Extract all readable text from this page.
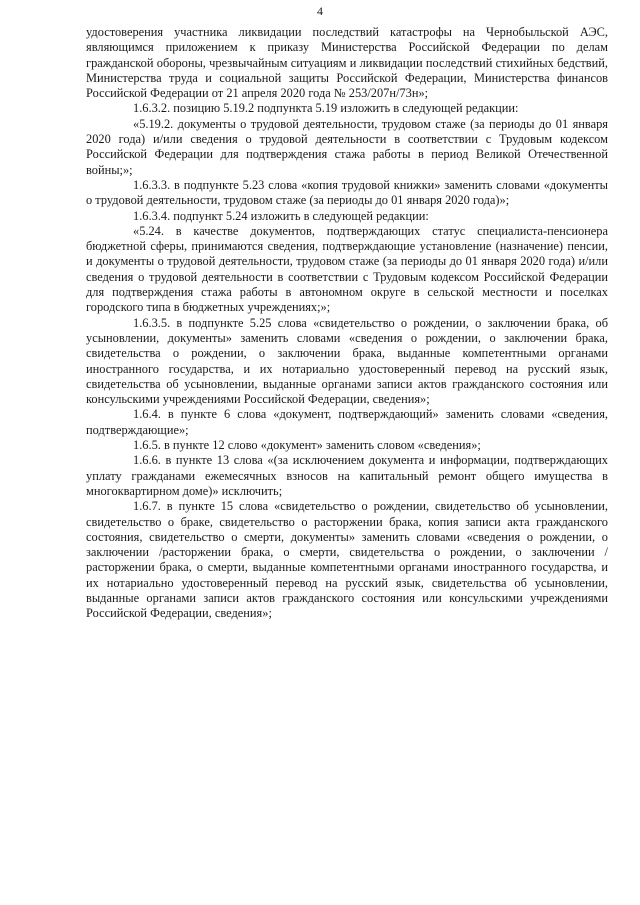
4

удостоверения участника ликвидации последствий катастрофы на Чернобыльской АЭС, являющимся приложением к приказу Министерства Российской Федерации по делам гражданской обороны, чрезвычайным ситуациям и ликвидации последствий стихийных бедствий, Министерства труда и социальной защиты Российской Федерации, Министерства финансов Российской Федерации от 21 апреля 2020 года № 253/207н/73н»;

1.6.3.2. позицию 5.19.2 подпункта 5.19 изложить в следующей редакции:

«5.19.2. документы о трудовой деятельности, трудовом стаже (за периоды до 01 января 2020 года) и/или сведения о трудовой деятельности в соответствии с Трудовым кодексом Российской Федерации для подтверждения стажа работы в период Великой Отечественной войны;»;

1.6.3.3. в подпункте 5.23 слова «копия трудовой книжки» заменить словами «документы о трудовой деятельности, трудовом стаже (за периоды до 01 января 2020 года)»;

1.6.3.4. подпункт 5.24 изложить в следующей редакции:

«5.24. в качестве документов, подтверждающих статус специалиста-пенсионера бюджетной сферы, принимаются сведения, подтверждающие установление (назначение) пенсии, и документы о трудовой деятельности, трудовом стаже (за периоды до 01 января 2020 года) и/или сведения о трудовой деятельности в соответствии с Трудовым кодексом Российской Федерации для подтверждения стажа работы в автономном округе в сельской местности и поселках городского типа в бюджетных учреждениях;»;

1.6.3.5. в подпункте 5.25 слова «свидетельство о рождении, о заключении брака, об усыновлении, документы» заменить словами «сведения о рождении, о заключении брака, свидетельства о рождении, о заключении брака, выданные компетентными органами иностранного государства, и их нотариально удостоверенный перевод на русский язык, свидетельства об усыновлении, выданные органами записи актов гражданского состояния или консульскими учреждениями Российской Федерации, сведения»;

1.6.4. в пункте 6 слова «документ, подтверждающий» заменить словами «сведения, подтверждающие»;

1.6.5. в пункте 12 слово «документ» заменить словом «сведения»;

1.6.6. в пункте 13 слова «(за исключением документа и информации, подтверждающих уплату гражданами ежемесячных взносов на капитальный ремонт общего имущества в многоквартирном доме)» исключить;

1.6.7. в пункте 15 слова «свидетельство о рождении, свидетельство об усыновлении, свидетельство о браке, свидетельство о расторжении брака, копия записи акта гражданского состояния, свидетельство о смерти, документы» заменить словами «сведения о рождении, о заключении /расторжении брака, о смерти, свидетельства о рождении, о заключении /расторжении брака, о смерти, выданные компетентными органами иностранного государства, и их нотариально удостоверенный перевод на русский язык, свидетельства об усыновлении, выданные органами записи актов гражданского состояния или консульскими учреждениями Российской Федерации, сведения»;
